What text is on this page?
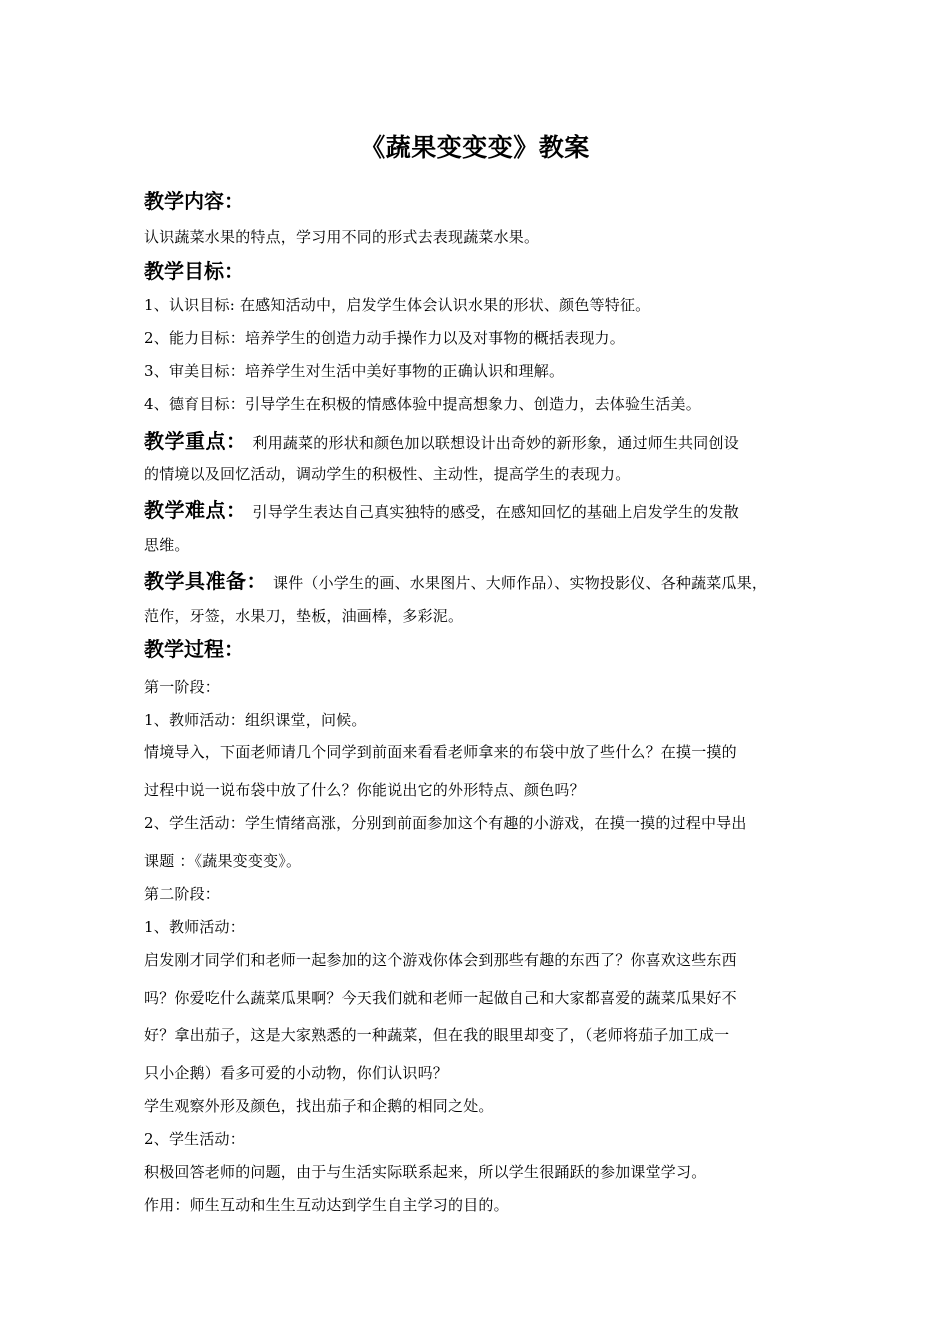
《蔬果变变变》教案
教学内容：
认识蔬菜水果的特点，学习用不同的形式去表现蔬菜水果。
教学目标：
1、认识目标: 在感知活动中，启发学生体会认识水果的形状、颜色等特征。
2、能力目标：培养学生的创造力动手操作力以及对事物的概括表现力。
3、审美目标：培养学生对生活中美好事物的正确认识和理解。
4、德育目标：引导学生在积极的情感体验中提高想象力、创造力，去体验生活美。
教学重点： 利用蔬菜的形状和颜色加以联想设计出奇妙的新形象，通过师生共同创设
的情境以及回忆活动，调动学生的积极性、主动性，提高学生的表现力。
教学难点： 引导学生表达自己真实独特的感受，在感知回忆的基础上启发学生的发散
思维。
教学具准备： 课件（小学生的画、水果图片、大师作品）、实物投影仪、各种蔬菜瓜果，
范作，牙签，水果刀，垫板，油画棒，多彩泥。
教学过程：
第一阶段：
1、教师活动：组织课堂，问候。
情境导入，下面老师请几个同学到前面来看看老师拿来的布袋中放了些什么？在摸一摸的
过程中说一说布袋中放了什么？你能说出它的外形特点、颜色吗？
2、学生活动：学生情绪高涨，分别到前面参加这个有趣的小游戏，在摸一摸的过程中导出
课题 ：《蔬果变变变》。
第二阶段：
1、教师活动：
启发刚才同学们和老师一起参加的这个游戏你体会到那些有趣的东西了？你喜欢这些东西
吗？你爱吃什么蔬菜瓜果啊？今天我们就和老师一起做自己和大家都喜爱的蔬菜瓜果好不
好？拿出茄子，这是大家熟悉的一种蔬菜，但在我的眼里却变了，（老师将茄子加工成一
只小企鹅）看多可爱的小动物，你们认识吗？
学生观察外形及颜色，找出茄子和企鹅的相同之处。
2、学生活动：
积极回答老师的问题，由于与生活实际联系起来，所以学生很踊跃的参加课堂学习。
作用：师生互动和生生互动达到学生自主学习的目的。
